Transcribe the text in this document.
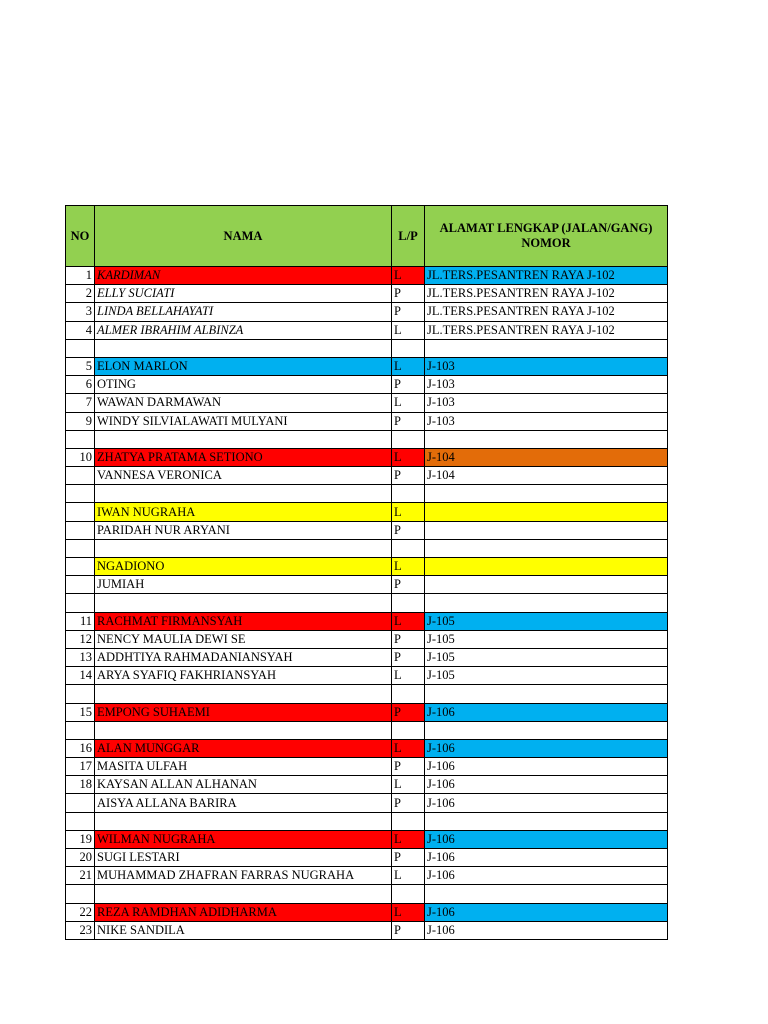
NO	NAMA	L/P	ALAMAT LENGKAP (JALAN/GANG) NOMOR
1	KARDIMAN	L	JL.TERS.PESANTREN RAYA J-102
2	ELLY SUCIATI	P	JL.TERS.PESANTREN RAYA J-102
3	LINDA BELLAHAYATI	P	JL.TERS.PESANTREN RAYA J-102
4	ALMER IBRAHIM ALBINZA	L	JL.TERS.PESANTREN RAYA J-102

5	ELON MARLON	L	J-103
6	OTING	P	J-103
7	WAWAN DARMAWAN	L	J-103
9	WINDY SILVIALAWATI MULYANI	P	J-103

10	ZHATYA PRATAMA SETIONO	L	J-104
	VANNESA VERONICA	P	J-104

	IWAN NUGRAHA	L	
	PARIDAH NUR ARYANI	P	

	NGADIONO	L	
	JUMIAH	P	

11	RACHMAT FIRMANSYAH	L	J-105
12	NENCY MAULIA DEWI SE	P	J-105
13	ADDHTIYA RAHMADANIANSYAH	P	J-105
14	ARYA SYAFIQ FAKHRIANSYAH	L	J-105

15	EMPONG SUHAEMI	P	J-106

16	ALAN MUNGGAR	L	J-106
17	MASITA ULFAH	P	J-106
18	KAYSAN ALLAN ALHANAN	L	J-106
	AISYA ALLANA BARIRA	P	J-106

19	WILMAN NUGRAHA	L	J-106
20	SUGI LESTARI	P	J-106
21	MUHAMMAD ZHAFRAN FARRAS NUGRAHA	L	J-106

22	REZA RAMDHAN ADIDHARMA	L	J-106
23	NIKE SANDILA	P	J-106
